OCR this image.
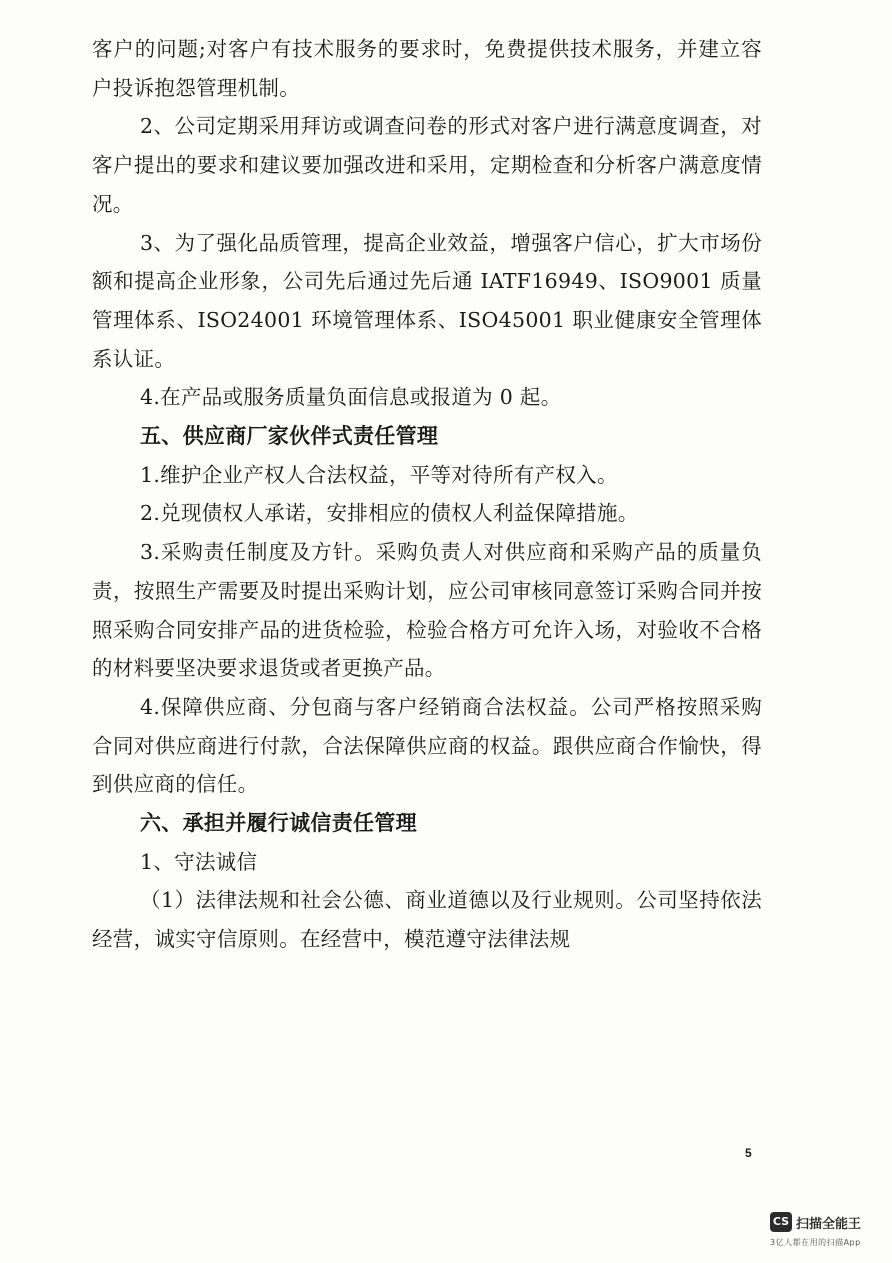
客户的问题;对客户有技术服务的要求时，免费提供技术服务，并建立容户投诉抱怨管理机制。

2、公司定期采用拜访或调查问卷的形式对客户进行满意度调查，对客户提出的要求和建议要加强改进和采用，定期检查和分析客户满意度情况。

3、为了强化品质管理，提高企业效益，增强客户信心，扩大市场份额和提高企业形象，公司先后通过先后通 IATF16949、ISO9001 质量管理体系、ISO24001 环境管理体系、ISO45001 职业健康安全管理体系认证。

4.在产品或服务质量负面信息或报道为 0 起。

五、供应商厂家伙伴式责任管理

1.维护企业产权人合法权益，平等对待所有产权入。

2.兑现债权人承诺，安排相应的债权人利益保障措施。

3.采购责任制度及方针。采购负责人对供应商和采购产品的质量负责，按照生产需要及时提出采购计划，应公司审核同意签订采购合同并按照采购合同安排产品的进货检验，检验合格方可允许入场，对验收不合格的材料要坚决要求退货或者更换产品。

4.保障供应商、分包商与客户经销商合法权益。公司严格按照采购合同对供应商进行付款，合法保障供应商的权益。跟供应商合作愉快，得到供应商的信任。

六、承担并履行诚信责任管理

1、守法诚信

（1）法律法规和社会公德、商业道德以及行业规则。公司坚持依法经营，诚实守信原则。在经营中，模范遵守法律法规

5
CS 扫描全能王
3亿人都在用的扫描App
